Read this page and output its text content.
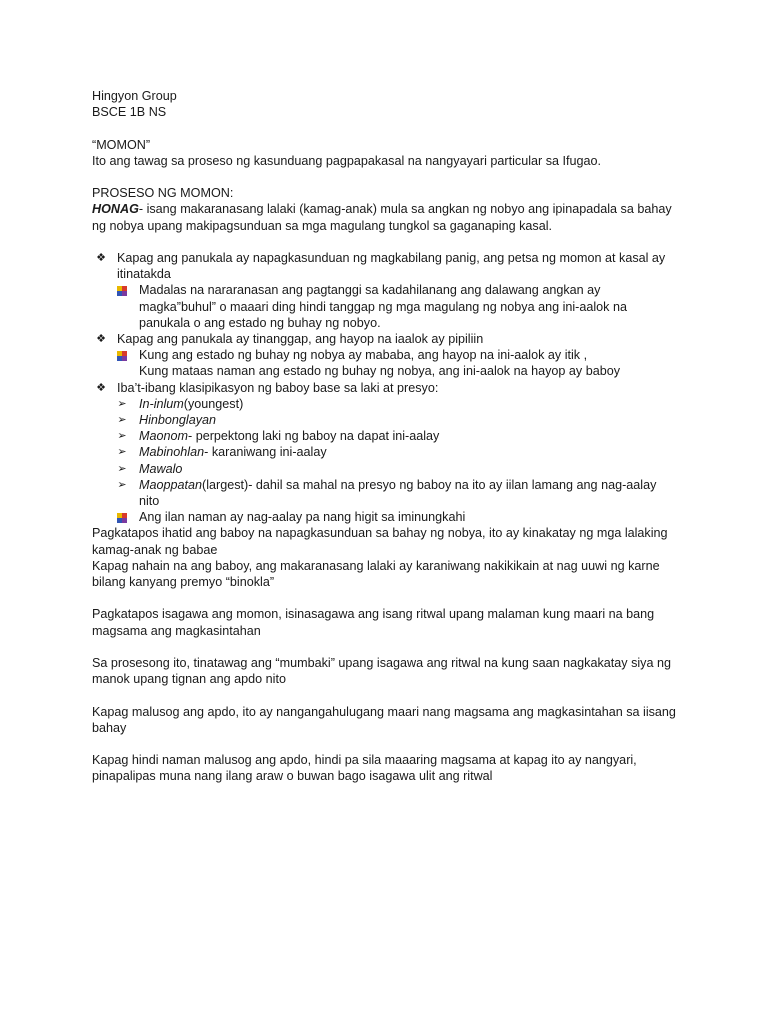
Hingyon Group

BSCE 1B NS

“MOMON”

Ito ang tawag sa proseso ng kasunduang pagpapakasal na nangyayari particular sa Ifugao.

PROSESO NG MOMON:

HONAG- isang makaranasang lalaki (kamag-anak) mula sa angkan ng nobyo ang ipinapadala sa bahay ng nobya upang makipagsunduan sa mga magulang tungkol sa gaganaping kasal.

❖ Kapag ang panukala ay napagkasunduan ng magkabilang panig, ang petsa ng momon at kasal ay itinatakda
Madalas na nararanasan ang pagtanggi sa kadahilanang ang dalawang angkan ay magka”buhul” o maaari ding hindi tanggap ng mga magulang ng nobya ang ini-aalok na panukala o ang estado ng buhay ng nobyo.
❖ Kapag ang panukala ay tinanggap, ang hayop na iaalok ay pipiliin
Kung ang estado ng buhay ng nobya ay mababa, ang hayop na ini-aalok ay itik ,
Kung mataas naman ang estado ng buhay ng nobya, ang ini-aalok na hayop ay baboy
❖ Iba’t-ibang klasipikasyon ng baboy base sa laki at presyo:
➢ In-inlum(youngest)
➢ Hinbonglayan
➢ Maonom- perpektong laki ng baboy na dapat ini-aalay
➢ Mabinohlan- karaniwang ini-aalay
➢ Mawalo
➢ Maoppatan(largest)- dahil sa mahal na presyo ng baboy na ito ay iilan lamang ang nag-aalay nito
Ang ilan naman ay nag-aalay pa nang higit sa iminungkahi

Pagkatapos ihatid ang baboy na napagkasunduan sa bahay ng nobya, ito ay kinakatay ng mga lalaking kamag-anak ng babae

Kapag nahain na ang baboy, ang makaranasang lalaki ay karaniwang nakikikain at nag uuwi ng karne bilang kanyang premyo “binokla”

Pagkatapos isagawa ang momon, isinasagawa ang isang ritwal upang malaman kung maari na bang magsama ang magkasintahan

Sa prosesong ito, tinatawag ang “mumbaki” upang isagawa ang ritwal na kung saan nagkakatay siya ng manok upang tignan ang apdo nito

Kapag malusog ang apdo, ito ay nangangahulugang maari nang magsama ang magkasintahan sa iisang bahay

Kapag hindi naman malusog ang apdo, hindi pa sila maaaring magsama at kapag ito ay nangyari, pinapalipas muna nang ilang araw o buwan bago isagawa ulit ang ritwal
